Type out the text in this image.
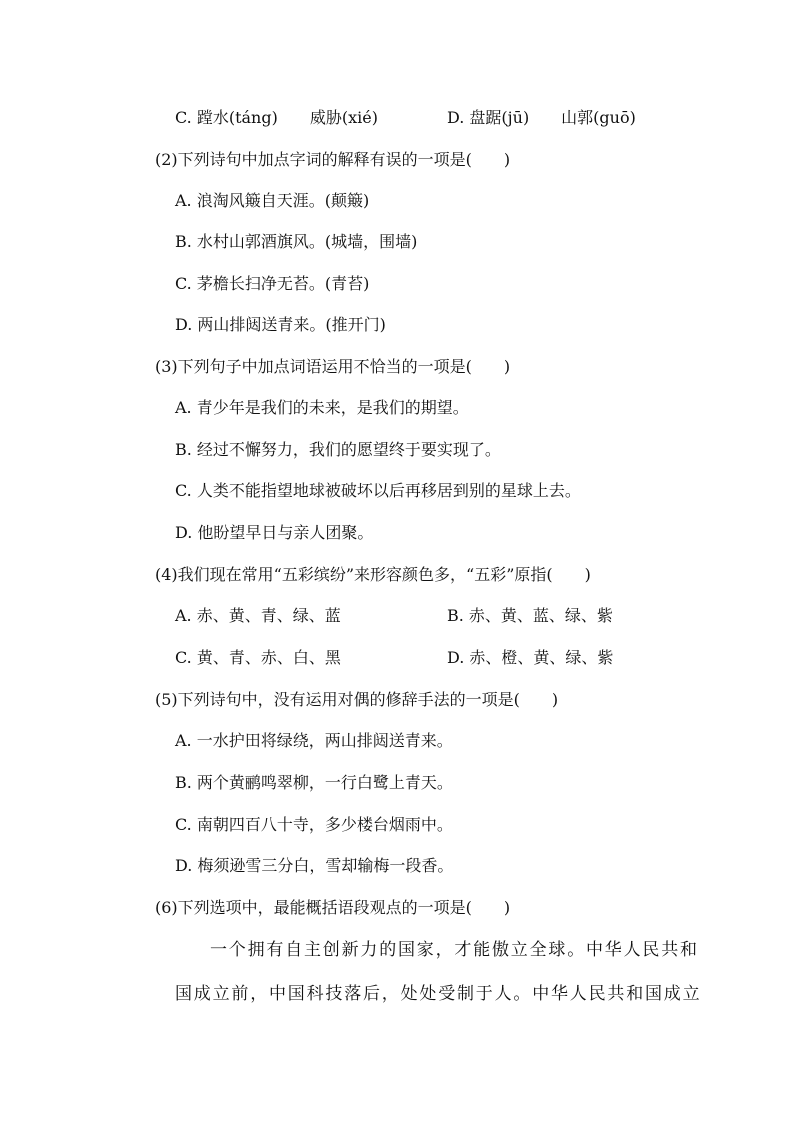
C. 蹚水(táng)　　威胁(xié)	D. 盘踞(jū)　　山郭(guō)
(2)下列诗句中加点字词的解释有误的一项是(　　)
A. 浪淘风簸自天涯。(颠簸)
B. 水村山郭酒旗风。(城墙，围墙)
C. 茅檐长扫净无苔。(青苔)
D. 两山排闼送青来。(推开门)
(3)下列句子中加点词语运用不恰当的一项是(　　)
A. 青少年是我们的未来，是我们的期望。
B. 经过不懈努力，我们的愿望终于要实现了。
C. 人类不能指望地球被破坏以后再移居到别的星球上去。
D. 他盼望早日与亲人团聚。
(4)我们现在常用“五彩缤纷”来形容颜色多，“五彩”原指(　　)
A. 赤、黄、青、绿、蓝	B. 赤、黄、蓝、绿、紫
C. 黄、青、赤、白、黑	D. 赤、橙、黄、绿、紫
(5)下列诗句中，没有运用对偶的修辞手法的一项是(　　)
A. 一水护田将绿绕，两山排闼送青来。
B. 两个黄鹂鸣翠柳，一行白鹭上青天。
C. 南朝四百八十寺，多少楼台烟雨中。
D. 梅须逊雪三分白，雪却输梅一段香。
(6)下列选项中，最能概括语段观点的一项是(　　)
一个拥有自主创新力的国家，才能傲立全球。中华人民共和
国成立前，中国科技落后，处处受制于人。中华人民共和国成立
